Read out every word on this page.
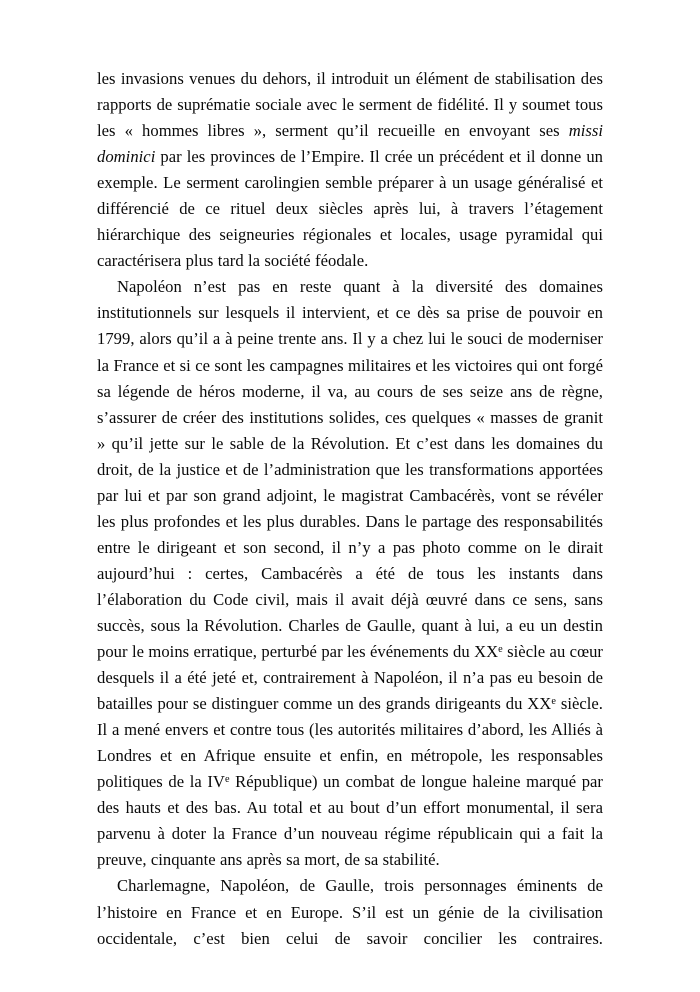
les invasions venues du dehors, il introduit un élément de stabilisation des rapports de suprématie sociale avec le serment de fidélité. Il y soumet tous les « hommes libres », serment qu’il recueille en envoyant ses missi dominici par les provinces de l’Empire. Il crée un précédent et il donne un exemple. Le serment carolingien semble préparer à un usage généralisé et différencié de ce rituel deux siècles après lui, à travers l’étagement hiérarchique des seigneuries régionales et locales, usage pyramidal qui caractérisera plus tard la société féodale.

Napoléon n’est pas en reste quant à la diversité des domaines institutionnels sur lesquels il intervient, et ce dès sa prise de pouvoir en 1799, alors qu’il a à peine trente ans. Il y a chez lui le souci de moderniser la France et si ce sont les campagnes militaires et les victoires qui ont forgé sa légende de héros moderne, il va, au cours de ses seize ans de règne, s’assurer de créer des institutions solides, ces quelques « masses de granit » qu’il jette sur le sable de la Révolution. Et c’est dans les domaines du droit, de la justice et de l’administration que les transformations apportées par lui et par son grand adjoint, le magistrat Cambacérès, vont se révéler les plus profondes et les plus durables. Dans le partage des responsabilités entre le dirigeant et son second, il n’y a pas photo comme on le dirait aujourd’hui : certes, Cambacérès a été de tous les instants dans l’élaboration du Code civil, mais il avait déjà œuvré dans ce sens, sans succès, sous la Révolution. Charles de Gaulle, quant à lui, a eu un destin pour le moins erratique, perturbé par les événements du XXe siècle au cœur desquels il a été jeté et, contrairement à Napoléon, il n’a pas eu besoin de batailles pour se distinguer comme un des grands dirigeants du XXe siècle. Il a mené envers et contre tous (les autorités militaires d’abord, les Alliés à Londres et en Afrique ensuite et enfin, en métropole, les responsables politiques de la IVe République) un combat de longue haleine marqué par des hauts et des bas. Au total et au bout d’un effort monumental, il sera parvenu à doter la France d’un nouveau régime républicain qui a fait la preuve, cinquante ans après sa mort, de sa stabilité.

Charlemagne, Napoléon, de Gaulle, trois personnages éminents de l’histoire en France et en Europe. S’il est un génie de la civilisation occidentale, c’est bien celui de savoir concilier les contraires.
